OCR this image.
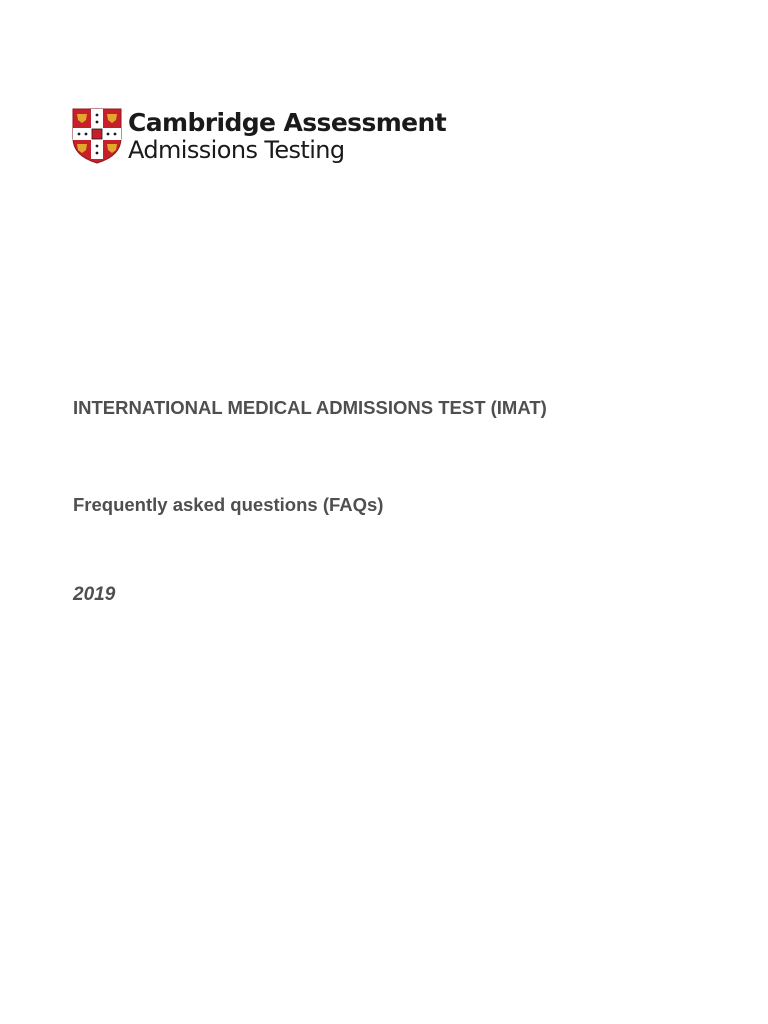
Cambridge Assessment
Admissions Testing
INTERNATIONAL MEDICAL ADMISSIONS TEST (IMAT)
Frequently asked questions (FAQs)

2019
